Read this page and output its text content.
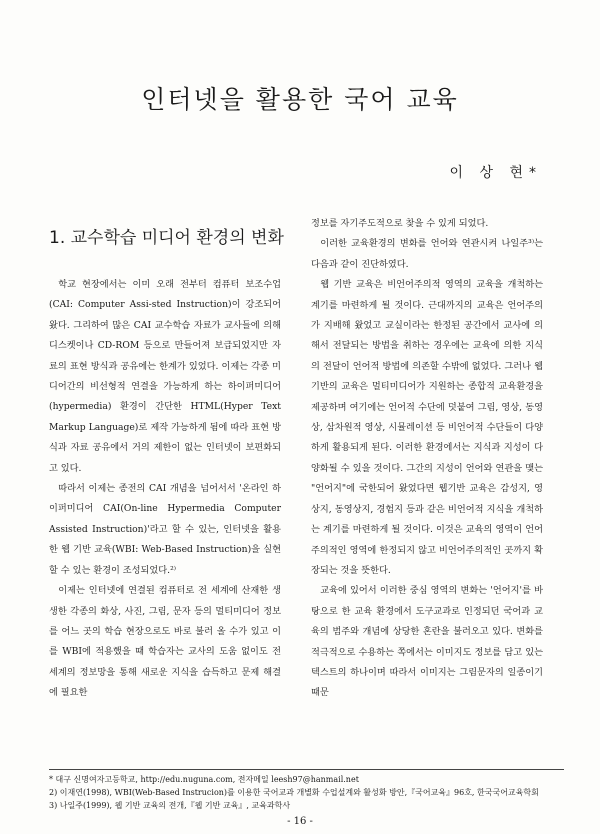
인터넷을 활용한 국어 교육
이 상 현*
1. 교수학습 미디어 환경의 변화

학교 현장에서는 이미 오래 전부터 컴퓨터 보조수업(CAI: Computer Assi-sted Instruction)이 강조되어 왔다. 그리하여 많은 CAI 교수학습 자료가 교사들에 의해 디스켓이나 CD-ROM 등으로 만들어져 보급되었지만 자료의 표현 방식과 공유에는 한계가 있었다. 이제는 각종 미디어간의 비선형적 연결을 가능하게 하는 하이퍼미디어(hypermedia) 환경이 간단한 HTML(Hyper Text Markup Language)로 제작 가능하게 됨에 따라 표현 방식과 자료 공유에서 거의 제한이 없는 인터넷이 보편화되고 있다.

따라서 이제는 종전의 CAI 개념을 넘어서서 '온라인 하이퍼미디어 CAI(On-line Hypermedia Computer Assisted Instruction)'라고 할 수 있는, 인터넷을 활용한 웹 기반 교육(WBI: Web-Based Instruction)을 실현할 수 있는 환경이 조성되었다.²⁾

이제는 인터넷에 연결된 컴퓨터로 전 세계에 산재한 생생한 각종의 화상, 사진, 그림, 문자 등의 멀티미디어 정보를 어느 곳의 학습 현장으로도 바로 불러 올 수가 있고 이를 WBI에 적용했을 때 학습자는 교사의 도움 없이도 전 세계의 정보망을 통해 새로운 지식을 습득하고 문제 해결에 필요한

정보를 자기주도적으로 찾을 수 있게 되었다.

이러한 교육환경의 변화를 언어와 연관시켜 나일주³⁾는 다음과 같이 진단하였다.

웹 기반 교육은 비언어주의적 영역의 교육을 개척하는 계기를 마련하게 될 것이다. 근대까지의 교육은 언어주의가 지배해 왔었고 교실이라는 한정된 공간에서 교사에 의해서 전달되는 방법을 취하는 경우에는 교육에 의한 지식의 전달이 언어적 방법에 의존할 수밖에 없었다. 그러나 웹 기반의 교육은 멀티미디어가 지원하는 종합적 교육환경을 제공하며 여기에는 언어적 수단에 덧붙여 그림, 영상, 동영상, 삼차원적 영상, 시뮬레이션 등 비언어적 수단들이 다양하게 활용되게 된다. 이러한 환경에서는 지식과 지성이 다양화될 수 있을 것이다. 그간의 지성이 언어와 연관을 맺는 "언어지"에 국한되어 왔었다면 웹기반 교육은 감성지, 영상지, 동영상지, 경험지 등과 같은 비언어적 지식을 개척하는 계기를 마련하게 될 것이다. 이것은 교육의 영역이 언어주의적인 영역에 한정되지 않고 비언어주의적인 곳까지 확장되는 것을 뜻한다.

교육에 있어서 이러한 중심 영역의 변화는 '언어지'를 바탕으로 한 교육 환경에서 도구교과로 인정되던 국어과 교육의 범주와 개념에 상당한 혼란을 불러오고 있다. 변화를 적극적으로 수용하는 쪽에서는 이미지도 정보를 담고 있는 텍스트의 하나이며 따라서 이미지는 그림문자의 일종이기 때문

* 대구 신명여자고등학교, http://edu.nuguna.com, 전자메일 leesh97@hanmail.net

2) 이재연(1998), WBI(Web-Based Instrucion)를 이용한 국어교과 개별화 수업설계와 활성화 방안,『국어교육』96호, 한국국어교육학회

3) 나일주(1999), 웹 기반 교육의 전개,『웹 기반 교육』, 교육과학사

- 16 -
